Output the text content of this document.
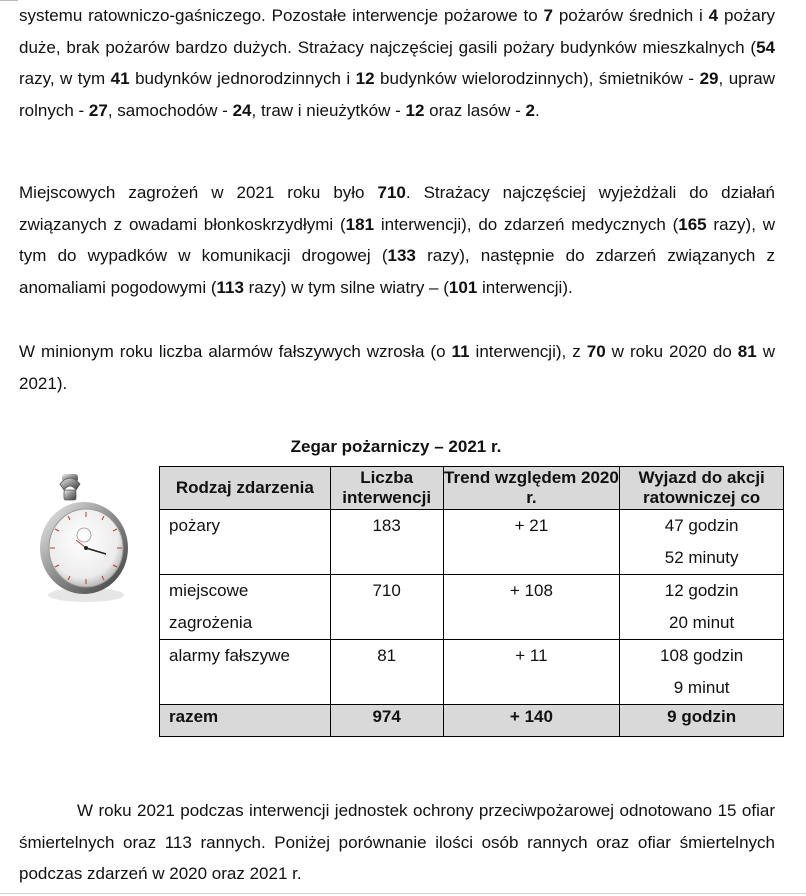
systemu ratowniczo-gaśniczego. Pozostałe interwencje pożarowe to 7 pożarów średnich i 4 pożary duże, brak pożarów bardzo dużych. Strażacy najczęściej gasili pożary budynków mieszkalnych (54 razy, w tym 41 budynków jednorodzinnych i 12 budynków wielorodzinnych), śmietników - 29, upraw rolnych - 27, samochodów - 24, traw i nieużytków - 12 oraz lasów - 2.

Miejscowych zagrożeń w 2021 roku było 710. Strażacy najczęściej wyjeżdżali do działań związanych z owadami błonkoskrzydłymi (181 interwencji), do zdarzeń medycznych (165 razy), w tym do wypadków w komunikacji drogowej (133 razy), następnie do zdarzeń związanych z anomaliami pogodowymi (113 razy) w tym silne wiatry – (101 interwencji).

W minionym roku liczba alarmów fałszywych wzrosła (o 11 interwencji), z 70 w roku 2020 do 81 w 2021).

Zegar pożarniczy – 2021 r.
Rodzaj zdarzenia	Liczba interwencji	Trend względem 2020 r.	Wyjazd do akcji ratowniczej co

pożary	183	+ 21	47 godzin
52 minuty

miejscowe
zagrożenia	710	+ 108	12 godzin
20 minut

alarmy fałszywe	81	+ 11	108 godzin
9 minut

razem	974	+ 140	9 godzin

W roku 2021 podczas interwencji jednostek ochrony przeciwpożarowej odnotowano 15 ofiar śmiertelnych oraz 113 rannych. Poniżej porównanie ilości osób rannych oraz ofiar śmiertelnych podczas zdarzeń w 2020 oraz 2021 r.
